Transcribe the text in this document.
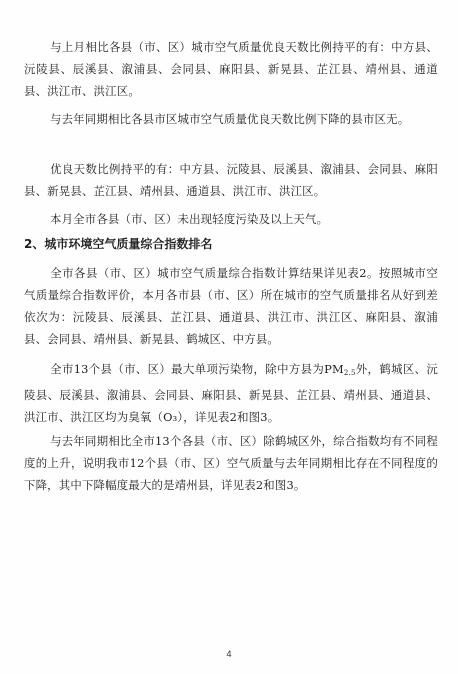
与上月相比各县（市、区）城市空气质量优良天数比例持平的有：中方县、沅陵县、辰溪县、溆浦县、会同县、麻阳县、新晃县、芷江县、靖州县、通道县、洪江市、洪江区。

与去年同期相比各县市区城市空气质量优良天数比例下降的县市区无。

优良天数比例持平的有：中方县、沅陵县、辰溪县、溆浦县、会同县、麻阳县、新晃县、芷江县、靖州县、通道县、洪江市、洪江区。

本月全市各县（市、区）未出现轻度污染及以上天气。

2、城市环境空气质量综合指数排名

全市各县（市、区）城市空气质量综合指数计算结果详见表2。按照城市空气质量综合指数评价，本月各市县（市、区）所在城市的空气质量排名从好到差依次为：沅陵县、辰溪县、芷江县、通道县、洪江市、洪江区、麻阳县、溆浦县、会同县、靖州县、新晃县、鹤城区、中方县。

全市13个县（市、区）最大单项污染物，除中方县为PM2.5外，鹤城区、沅陵县、辰溪县、溆浦县、会同县、麻阳县、新晃县、芷江县、靖州县、通道县、洪江市、洪江区均为臭氧（O₃），详见表2和图3。

与去年同期相比全市13个各县（市、区）除鹤城区外，综合指数均有不同程度的上升，说明我市12个县（市、区）空气质量与去年同期相比存在不同程度的下降，其中下降幅度最大的是靖州县，详见表2和图3。

4
